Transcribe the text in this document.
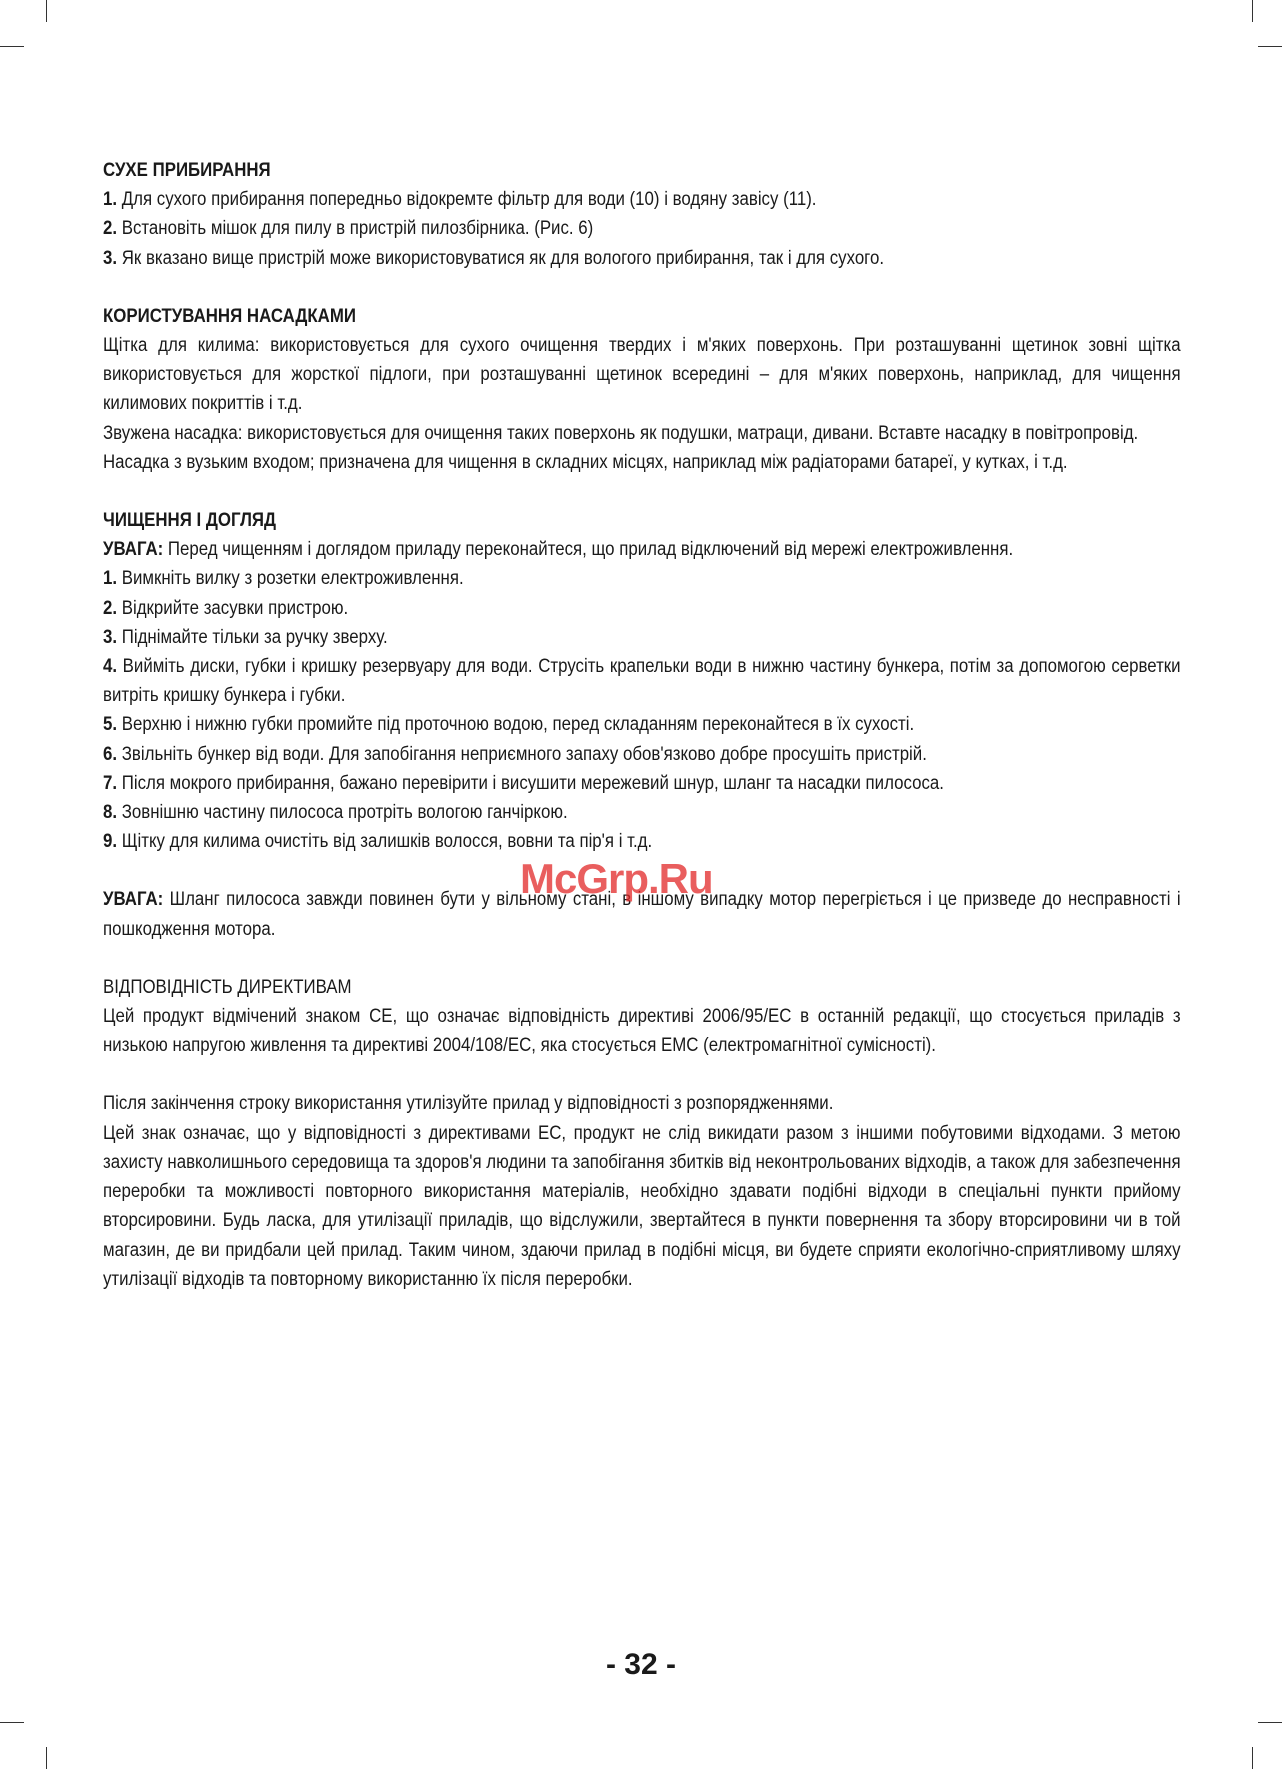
СУХЕ ПРИБИРАННЯ

1. Для сухого прибирання попередньо відокремте фільтр для води (10) і водяну завісу (11).

2. Встановіть мішок для пилу в пристрій пилозбірника. (Рис. 6)

3. Як вказано вище пристрій може використовуватися як для вологого прибирання, так і для сухого.

КОРИСТУВАННЯ НАСАДКАМИ

Щітка для килима: використовується для сухого очищення твердих і м'яких поверхонь. При розташуванні щетинок зовні щітка використовується для жорсткої підлоги, при розташуванні щетинок всередині – для м'яких поверхонь, наприклад, для чищення килимових покриттів і т.д.

Звужена насадка: використовується для очищення таких поверхонь як подушки, матраци, дивани. Вставте насадку в повітропровід.

Насадка з вузьким входом; призначена для чищення в складних місцях, наприклад між радіаторами батареї, у кутках, і т.д.

ЧИЩЕННЯ І ДОГЛЯД

УВАГА: Перед чищенням і доглядом приладу переконайтеся, що прилад відключений від мережі електроживлення.

1. Вимкніть вилку з розетки електроживлення.

2. Відкрийте засувки пристрою.

3. Піднімайте тільки за ручку зверху.

4. Вийміть диски, губки і кришку резервуару для води. Струсіть крапельки води в нижню частину бункера, потім за допомогою серветки витріть кришку бункера і губки.

5. Верхню і нижню губки промийте під проточною водою, перед складанням переконайтеся в їх сухості.

6. Звільніть бункер від води. Для запобігання неприємного запаху обов'язково добре просушіть пристрій.

7. Після мокрого прибирання, бажано перевірити і висушити мережевий шнур, шланг та насадки пилососа.

8. Зовнішню частину пилососа протріть вологою ганчіркою.

9. Щітку для килима очистіть від залишків волосся, вовни та пір'я і т.д.

УВАГА: Шланг пилососа завжди повинен бути у вільному стані, в іншому випадку мотор перегріється і це призведе до несправності і пошкодження мотора.

ВІДПОВІДНІСТЬ ДИРЕКТИВАМ

Цей продукт відмічений знаком CE, що означає відповідність директиві 2006/95/EC в останній редакції, що стосується приладів з низькою напругою живлення та директиві 2004/108/EC, яка стосується EMC (електромагнітної сумісності).

Після закінчення строку використання утилізуйте прилад у відповідності з розпорядженнями.

Цей знак означає, що у відповідності з директивами ЕС, продукт не слід викидати разом з іншими побутовими відходами. З метою захисту навколишнього середовища та здоров'я людини та запобігання збитків від неконтрольованих відходів, а також для забезпечення переробки та можливості повторного використання матеріалів, необхідно здавати подібні відходи в спеціальні пункти прийому вторсировини. Будь ласка, для утилізації приладів, що відслужили, звертайтеся в пункти повернення та збору вторсировини чи в той магазин, де ви придбали цей прилад. Таким чином, здаючи прилад в подібні місця, ви будете сприяти екологічно-сприятливому шляху утилізації відходів та повторному використанню їх після переробки.

McGrp.Ru
- 32 -
